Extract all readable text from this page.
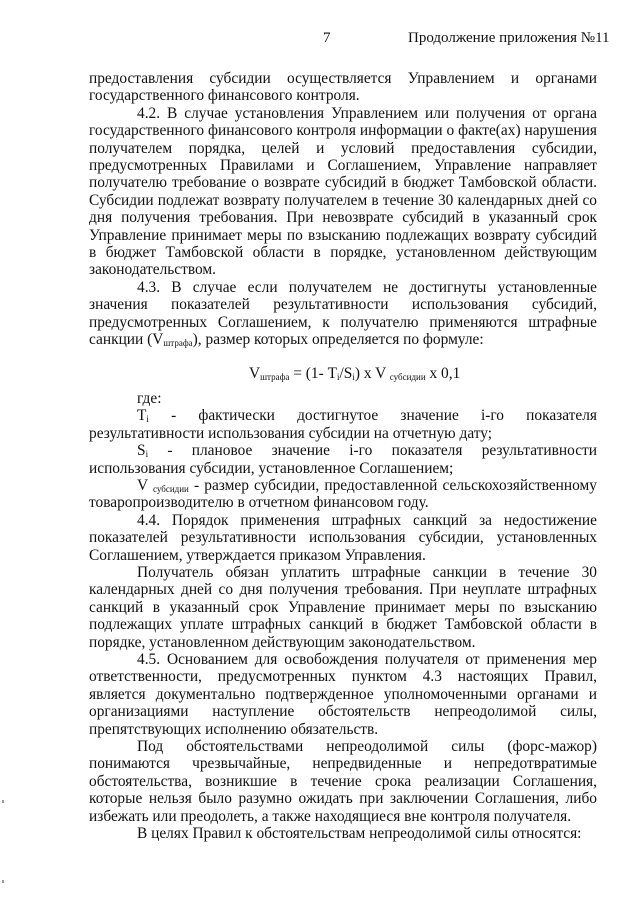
7	Продолжение приложения №11

предоставления субсидии осуществляется Управлением и органами государственного финансового контроля.

4.2. В случае установления Управлением или получения от органа государственного финансового контроля информации о факте(ах) нарушения получателем порядка, целей и условий предоставления субсидии, предусмотренных Правилами и Соглашением, Управление направляет получателю требование о возврате субсидий в бюджет Тамбовской области. Субсидии подлежат возврату получателем в течение 30 календарных дней со дня получения требования. При невозврате субсидий в указанный срок Управление принимает меры по взысканию подлежащих возврату субсидий в бюджет Тамбовской области в порядке, установленном действующим законодательством.

4.3. В случае если получателем не достигнуты установленные значения показателей результативности использования субсидий, предусмотренных Соглашением, к получателю применяются штрафные санкции $(V_{штрафа})$, размер которых определяется по формуле:

$V_{штрафа} = (1-$ $T_i/S_i$) x V $_{субсидии}$ x 0,1

где:

$T_i$ - фактически достигнутое значение i-го показателя результативности использования субсидии на отчетную дату;

$S_i$ - плановое значение i-го показателя результативности использования субсидии, установленное Соглашением;

V $_{субсидии}$ - размер субсидии, предоставленной сельскохозяйственному товаропроизводителю в отчетном финансовом году.

4.4. Порядок применения штрафных санкций за недостижение показателей результативности использования субсидии, установленных Соглашением, утверждается приказом Управления.

Получатель обязан уплатить штрафные санкции в течение 30 календарных дней со дня получения требования. При неуплате штрафных санкций в указанный срок Управление принимает меры по взысканию подлежащих уплате штрафных санкций в бюджет Тамбовской области в порядке, установленном действующим законодательством.

4.5. Основанием для освобождения получателя от применения мер ответственности, предусмотренных пунктом 4.3 настоящих Правил, является документально подтвержденное уполномоченными органами и организациями наступление обстоятельств непреодолимой силы, препятствующих исполнению обязательств.

Под обстоятельствами непреодолимой силы (форс-мажор) понимаются чрезвычайные, непредвиденные и непредотвратимые обстоятельства, возникшие в течение срока реализации Соглашения, которые нельзя было разумно ожидать при заключении Соглашения, либо избежать или преодолеть, а также находящиеся вне контроля получателя.

В целях Правил к обстоятельствам непреодолимой силы относятся:
